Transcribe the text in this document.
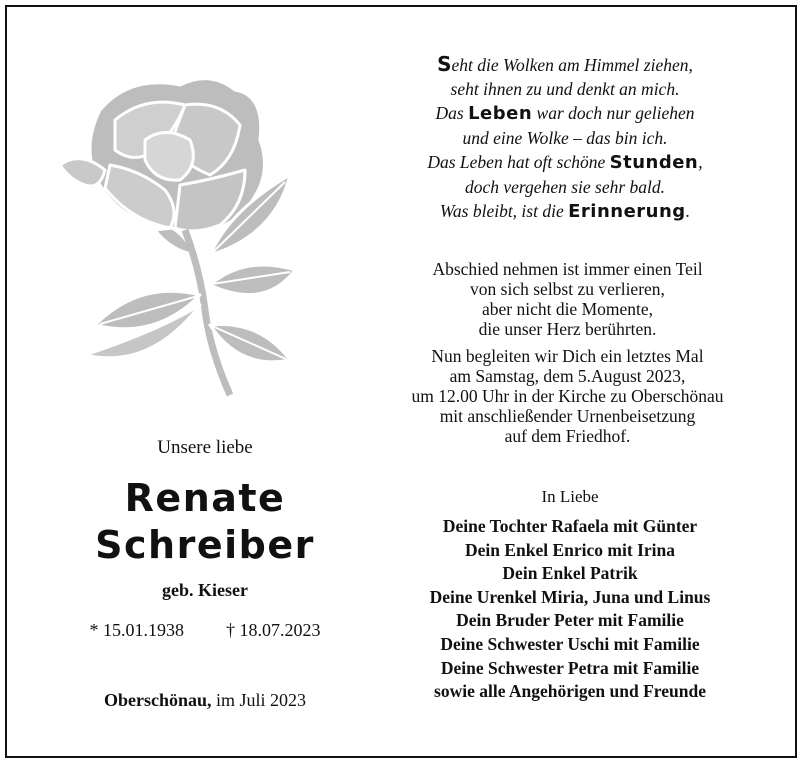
Seht die Wolken am Himmel ziehen,
seht ihnen zu und denkt an mich.
Das Leben war doch nur geliehen
und eine Wolke – das bin ich.
Das Leben hat oft schöne Stunden,
doch vergehen sie sehr bald.
Was bleibt, ist die Erinnerung.
Abschied nehmen ist immer einen Teil
von sich selbst zu verlieren,
aber nicht die Momente,
die unser Herz berührten.
Nun begleiten wir Dich ein letztes Mal
am Samstag, dem 5.August 2023,
um 12.00 Uhr in der Kirche zu Oberschönau
mit anschließender Urnenbeisetzung
auf dem Friedhof.
In Liebe
Deine Tochter Rafaela mit Günter
Dein Enkel Enrico mit Irina
Dein Enkel Patrik
Deine Urenkel Miria, Juna und Linus
Dein Bruder Peter mit Familie
Deine Schwester Uschi mit Familie
Deine Schwester Petra mit Familie
sowie alle Angehörigen und Freunde
Unsere liebe
Renate
Schreiber
geb. Kieser
* 15.01.1938 † 18.07.2023
Oberschönau, im Juli 2023
